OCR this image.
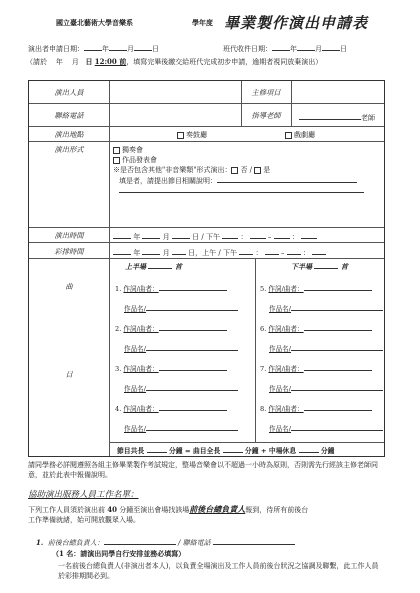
國立臺北藝術大學音樂系	學年度 畢業製作演出申請表
演出者申請日期：	年	月	日	班代收件日期：	年	月	日
（請於 年 月 日 12:00 前，填寫完畢後繳交給班代完成初步申請，逾期者視同放棄演出）
演出人員	主修項目
聯絡電話	指導老師	老師
演出地點	奏鼓廳	戲劇廳
演出形式	獨奏會
作品發表會
※是否包含其他"非音樂類"形式演出： 否 / 是
填是者，請提出節目相關說明：
演出時間	年	月	日 / 下午	：	–	：
彩排時間	年	月	日，上午 / 下午	：	–	：
曲
目
上半場	首	下半場	首
1. 作詞/曲者：
作品名/
2. 作詞/曲者：
作品名/
3. 作詞/曲者：
作品名/
4. 作詞/曲者：
作品名/
5. 作詞/曲者：
作品名/
6. 作詞/曲者：
作品名/
7. 作詞/曲者：
作品名/
8. 作詞/曲者：
作品名/
節目共長	分鐘 = 曲目全長	分鐘 + 中場休息	分鐘
請同學務必詳閱遵照各組主修畢業製作考試規定，整場音樂會以不超過一小時為原則，否則需先行經該主修老師同意，並於此表中報備說明。
協助演出服務人員工作名單：
下列工作人員須於演出前 40 分鐘至演出會場找該場前後台總負責人報到，待所有前後台
工作準備就緒，始可開放觀眾入場。
1. 前後台總負責人：	/ 聯絡電話
（1 名：請演出同學自行安排並務必填寫）
一名前後台總負責人(非演出者本人)，以負責全場演出及工作人員前後台狀況之協調及聯繫，此工作人員於彩排期間必到。
